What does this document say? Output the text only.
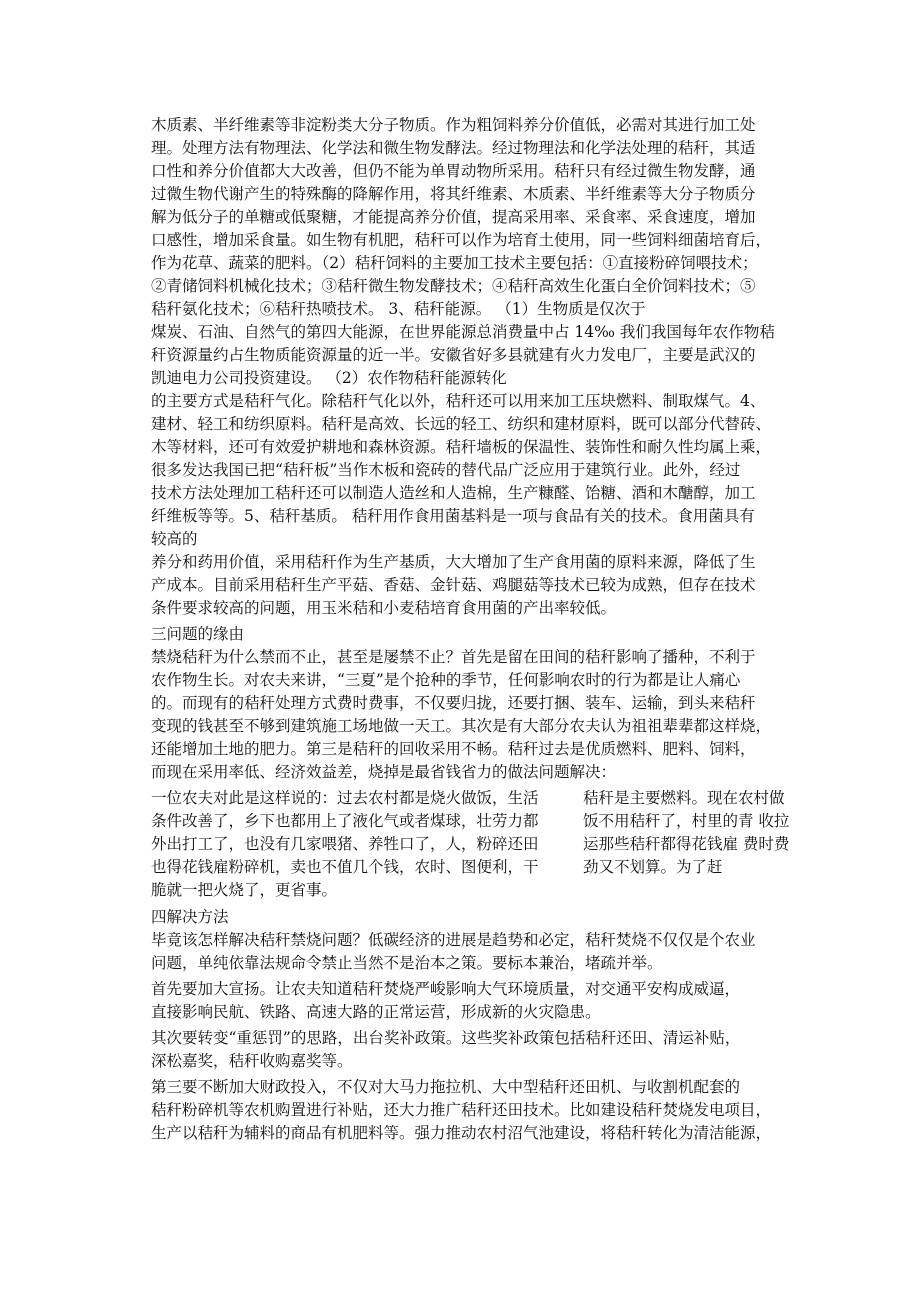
木质素、半纤维素等非淀粉类大分子物质。作为粗饲料养分价值低，必需对其进行加工处

理。处理方法有物理法、化学法和微生物发酵法。经过物理法和化学法处理的秸秆，其适

口性和养分价值都大大改善，但仍不能为单胃动物所采用。秸秆只有经过微生物发酵，通

过微生物代谢产生的特殊酶的降解作用，将其纤维素、木质素、半纤维素等大分子物质分

解为低分子的单糖或低聚糖，才能提高养分价值，提高采用率、采食率、采食速度，增加

口感性，增加采食量。如生物有机肥，秸秆可以作为培育土使用，同一些饲料细菌培育后，

作为花草、蔬菜的肥料。（2）秸秆饲料的主要加工技术主要包括：①直接粉碎饲喂技术；

②青储饲料机械化技术；③秸秆微生物发酵技术；④秸秆高效生化蛋白全价饲料技术；⑤

秸秆氨化技术；⑥秸秆热喷技术。 3、秸秆能源。 （1）生物质是仅次于

煤炭、石油、自然气的第四大能源，在世界能源总消费量中占 14‰ 我们我国每年农作物秸

秆资源量约占生物质能资源量的近一半。安徽省好多县就建有火力发电厂，主要是武汉的

凯迪电力公司投资建设。 （2）农作物秸秆能源转化

的主要方式是秸秆气化。除秸秆气化以外，秸秆还可以用来加工压块燃料、制取煤气。4、

建材、轻工和纺织原料。秸秆是高效、长远的轻工、纺织和建材原料，既可以部分代替砖、

木等材料，还可有效爱护耕地和森林资源。秸秆墙板的保温性、装饰性和耐久性均属上乘，

很多发达我国已把“秸秆板”当作木板和瓷砖的替代品广泛应用于建筑行业。此外，经过

技术方法处理加工秸秆还可以制造人造丝和人造棉，生产糠醛、饴糖、酒和木醣醇，加工

纤维板等等。5、秸秆基质。 秸秆用作食用菌基料是一项与食品有关的技术。食用菌具有

较高的

养分和药用价值，采用秸秆作为生产基质，大大增加了生产食用菌的原料来源，降低了生

产成本。目前采用秸秆生产平菇、香菇、金针菇、鸡腿菇等技术已较为成熟，但存在技术

条件要求较高的问题，用玉米秸和小麦秸培育食用菌的产出率较低。

三问题的缘由

禁烧秸秆为什么禁而不止，甚至是屡禁不止？首先是留在田间的秸秆影响了播种，不利于

农作物生长。对农夫来讲，“三夏”是个抢种的季节，任何影响农时的行为都是让人痛心

的。而现有的秸秆处理方式费时费事，不仅要归拢，还要打捆、装车、运输，到头来秸秆

变现的钱甚至不够到建筑施工场地做一天工。其次是有大部分农夫认为祖祖辈辈都这样烧，

还能增加土地的肥力。第三是秸秆的回收采用不畅。秸秆过去是优质燃料、肥料、饲料，

而现在采用率低、经济效益差，烧掉是最省钱省力的做法问题解决：

一位农夫对此是这样说的：过去农村都是烧火做饭，生活

条件改善了，乡下也都用上了液化气或者煤球，壮劳力都

外出打工了，也没有几家喂猪、养牲口了，人，粉碎还田

也得花钱雇粉碎机，卖也不值几个钱，农时、图便利，干

脆就一把火烧了，更省事。

秸秆是主要燃料。现在农村做

饭不用秸秆了，村里的青 收拉

运那些秸秆都得花钱雇 费时费

劲又不划算。为了赶

四解决方法

毕竟该怎样解决秸秆禁烧问题？低碳经济的进展是趋势和必定，秸秆焚烧不仅仅是个农业

问题，单纯依靠法规命令禁止当然不是治本之策。要标本兼治，堵疏并举。

首先要加大宣扬。让农夫知道秸秆焚烧严峻影响大气环境质量，对交通平安构成威逼，

直接影响民航、铁路、高速大路的正常运营，形成新的火灾隐患。

其次要转变“重惩罚”的思路，出台奖补政策。这些奖补政策包括秸秆还田、清运补贴，

深松嘉奖，秸秆收购嘉奖等。

第三要不断加大财政投入，不仅对大马力拖拉机、大中型秸秆还田机、与收割机配套的

秸秆粉碎机等农机购置进行补贴，还大力推广秸秆还田技术。比如建设秸秆焚烧发电项目，

生产以秸秆为辅料的商品有机肥料等。强力推动农村沼气池建设，将秸秆转化为清洁能源，
